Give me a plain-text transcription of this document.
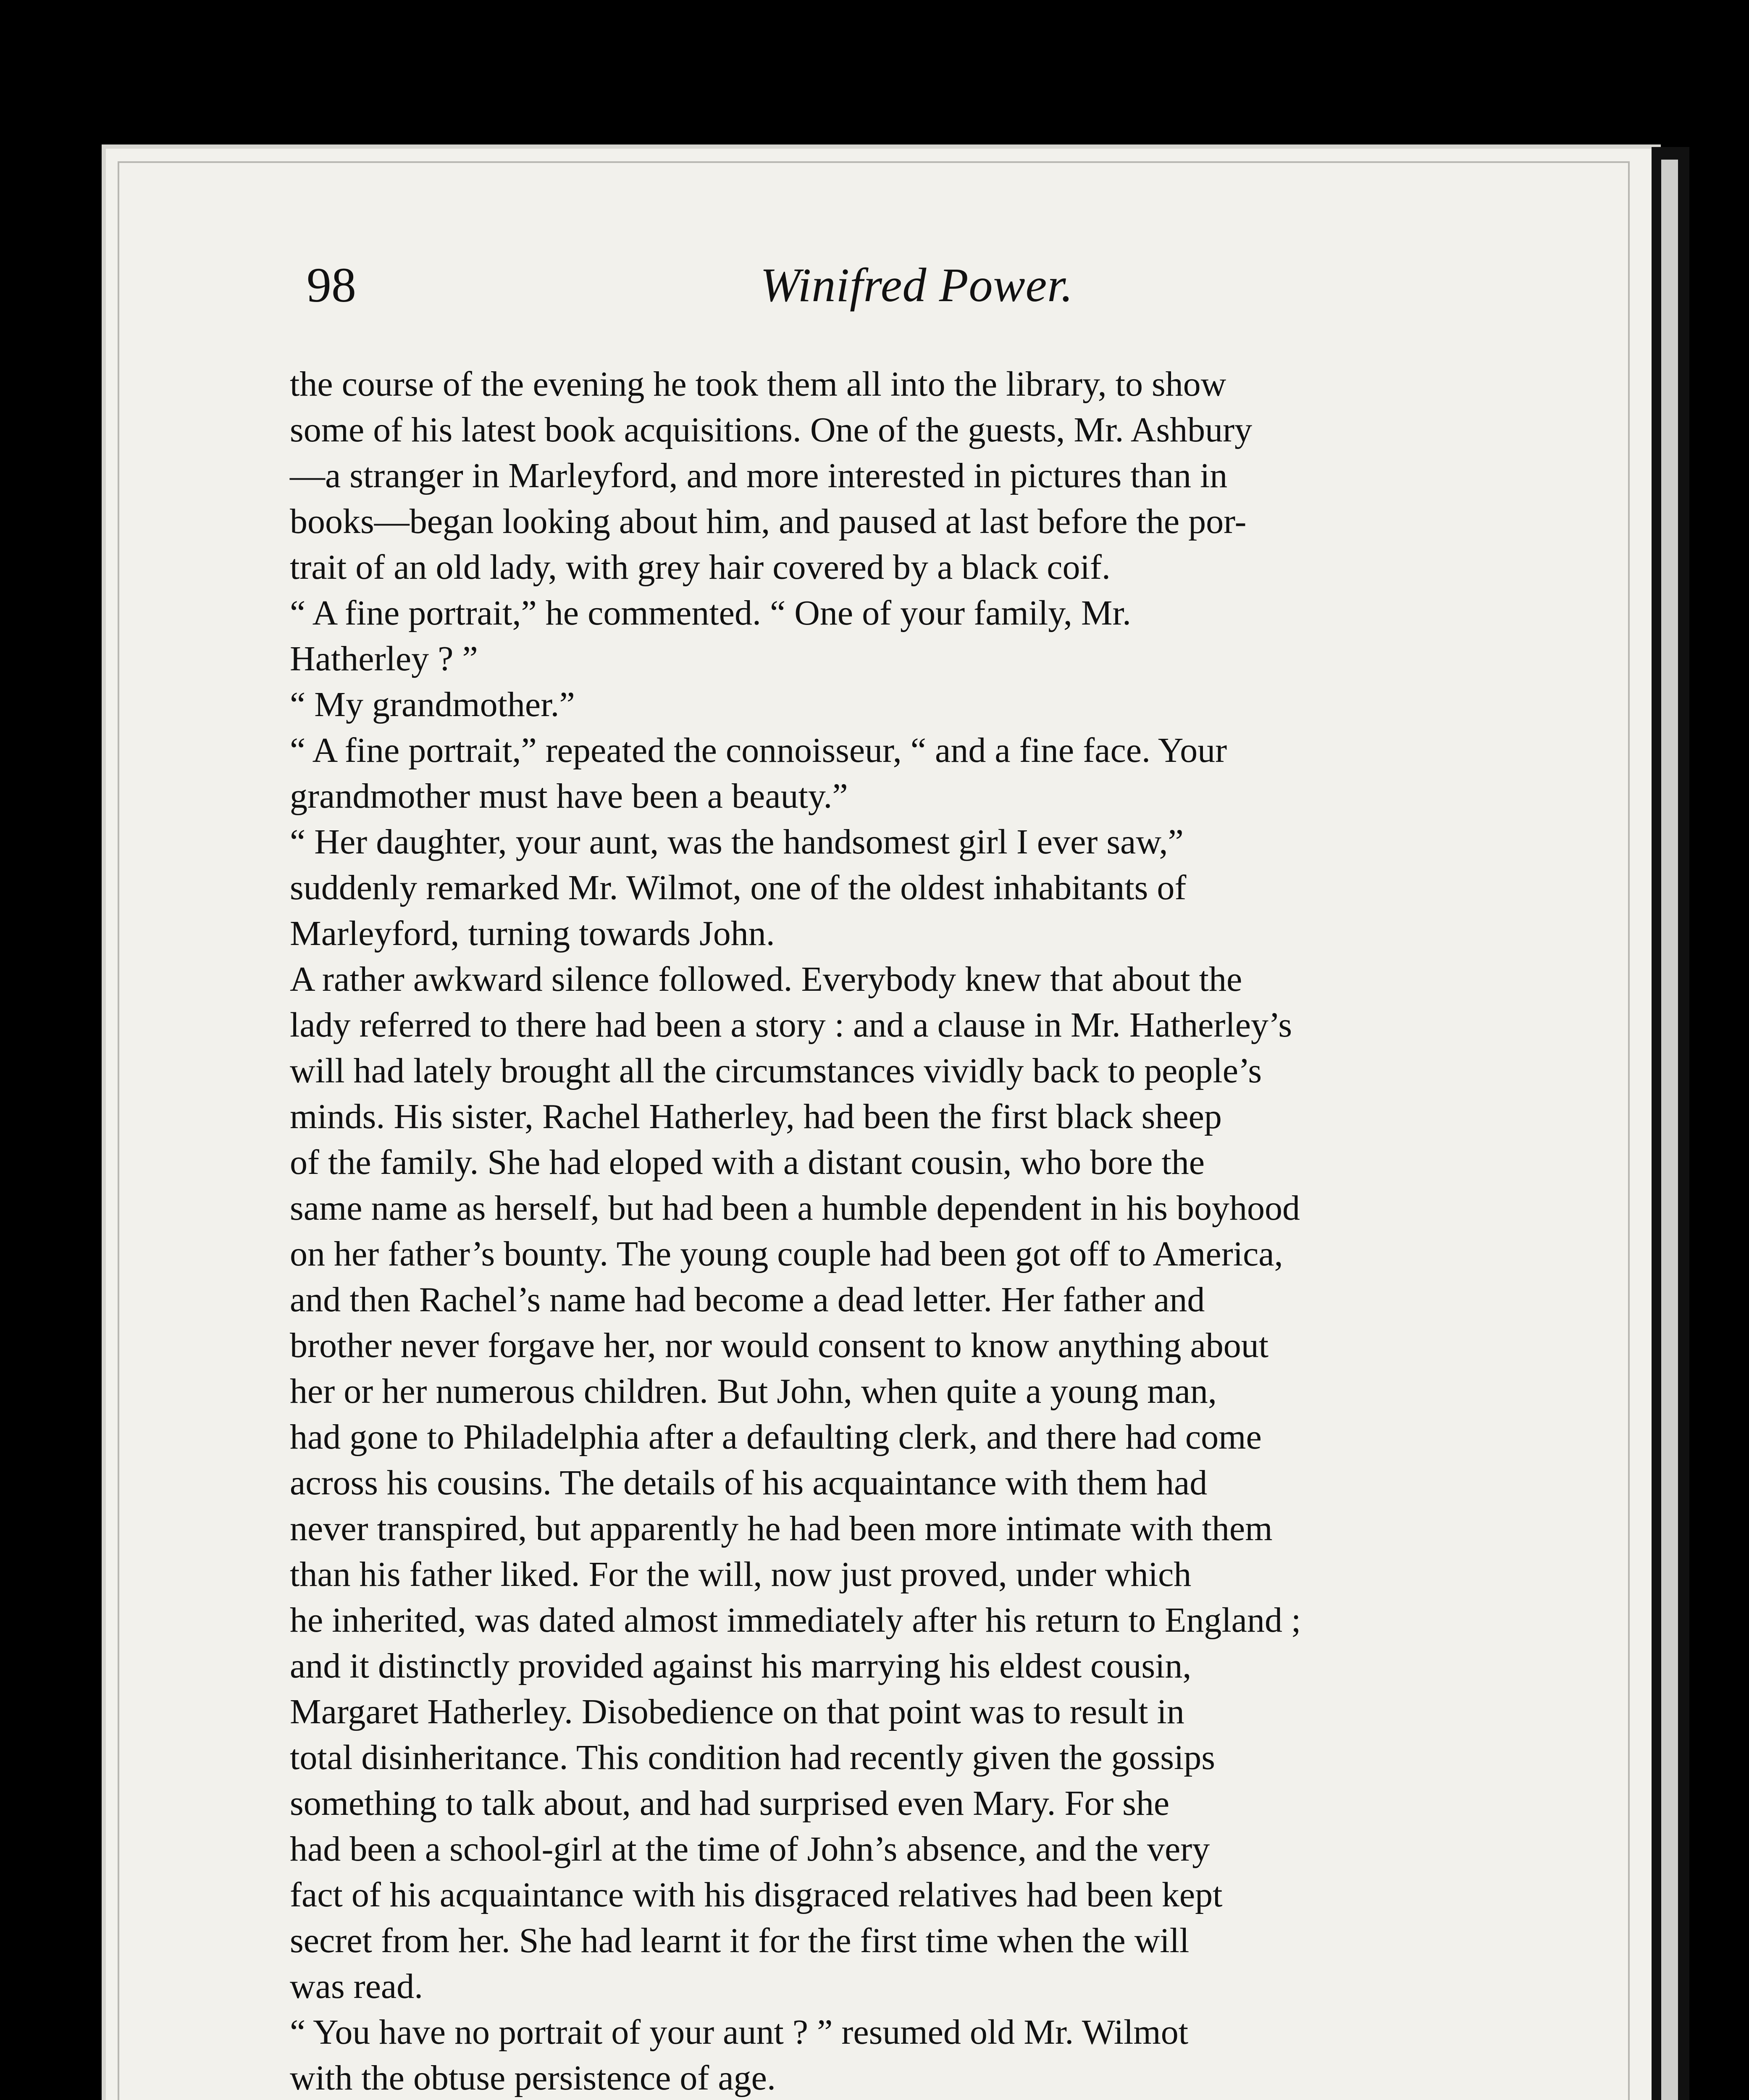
98	Winifred Power.
the course of the evening he took them all into the library, to show
some of his latest book acquisitions. One of the guests, Mr. Ashbury
—a stranger in Marleyford, and more interested in pictures than in
books—began looking about him, and paused at last before the por-
trait of an old lady, with grey hair covered by a black coif.
“ A fine portrait,” he commented. “ One of your family, Mr.
Hatherley ? ”
“ My grandmother.”
“ A fine portrait,” repeated the connoisseur, “ and a fine face. Your
grandmother must have been a beauty.”
“ Her daughter, your aunt, was the handsomest girl I ever saw,”
suddenly remarked Mr. Wilmot, one of the oldest inhabitants of
Marleyford, turning towards John.
A rather awkward silence followed. Everybody knew that about the
lady referred to there had been a story : and a clause in Mr. Hatherley’s
will had lately brought all the circumstances vividly back to people’s
minds. His sister, Rachel Hatherley, had been the first black sheep
of the family. She had eloped with a distant cousin, who bore the
same name as herself, but had been a humble dependent in his boyhood
on her father’s bounty. The young couple had been got off to America,
and then Rachel’s name had become a dead letter. Her father and
brother never forgave her, nor would consent to know anything about
her or her numerous children. But John, when quite a young man,
had gone to Philadelphia after a defaulting clerk, and there had come
across his cousins. The details of his acquaintance with them had
never transpired, but apparently he had been more intimate with them
than his father liked. For the will, now just proved, under which
he inherited, was dated almost immediately after his return to England ;
and it distinctly provided against his marrying his eldest cousin,
Margaret Hatherley. Disobedience on that point was to result in
total disinheritance. This condition had recently given the gossips
something to talk about, and had surprised even Mary. For she
had been a school-girl at the time of John’s absence, and the very
fact of his acquaintance with his disgraced relatives had been kept
secret from her. She had learnt it for the first time when the will
was read.
“ You have no portrait of your aunt ? ” resumed old Mr. Wilmot
with the obtuse persistence of age.
